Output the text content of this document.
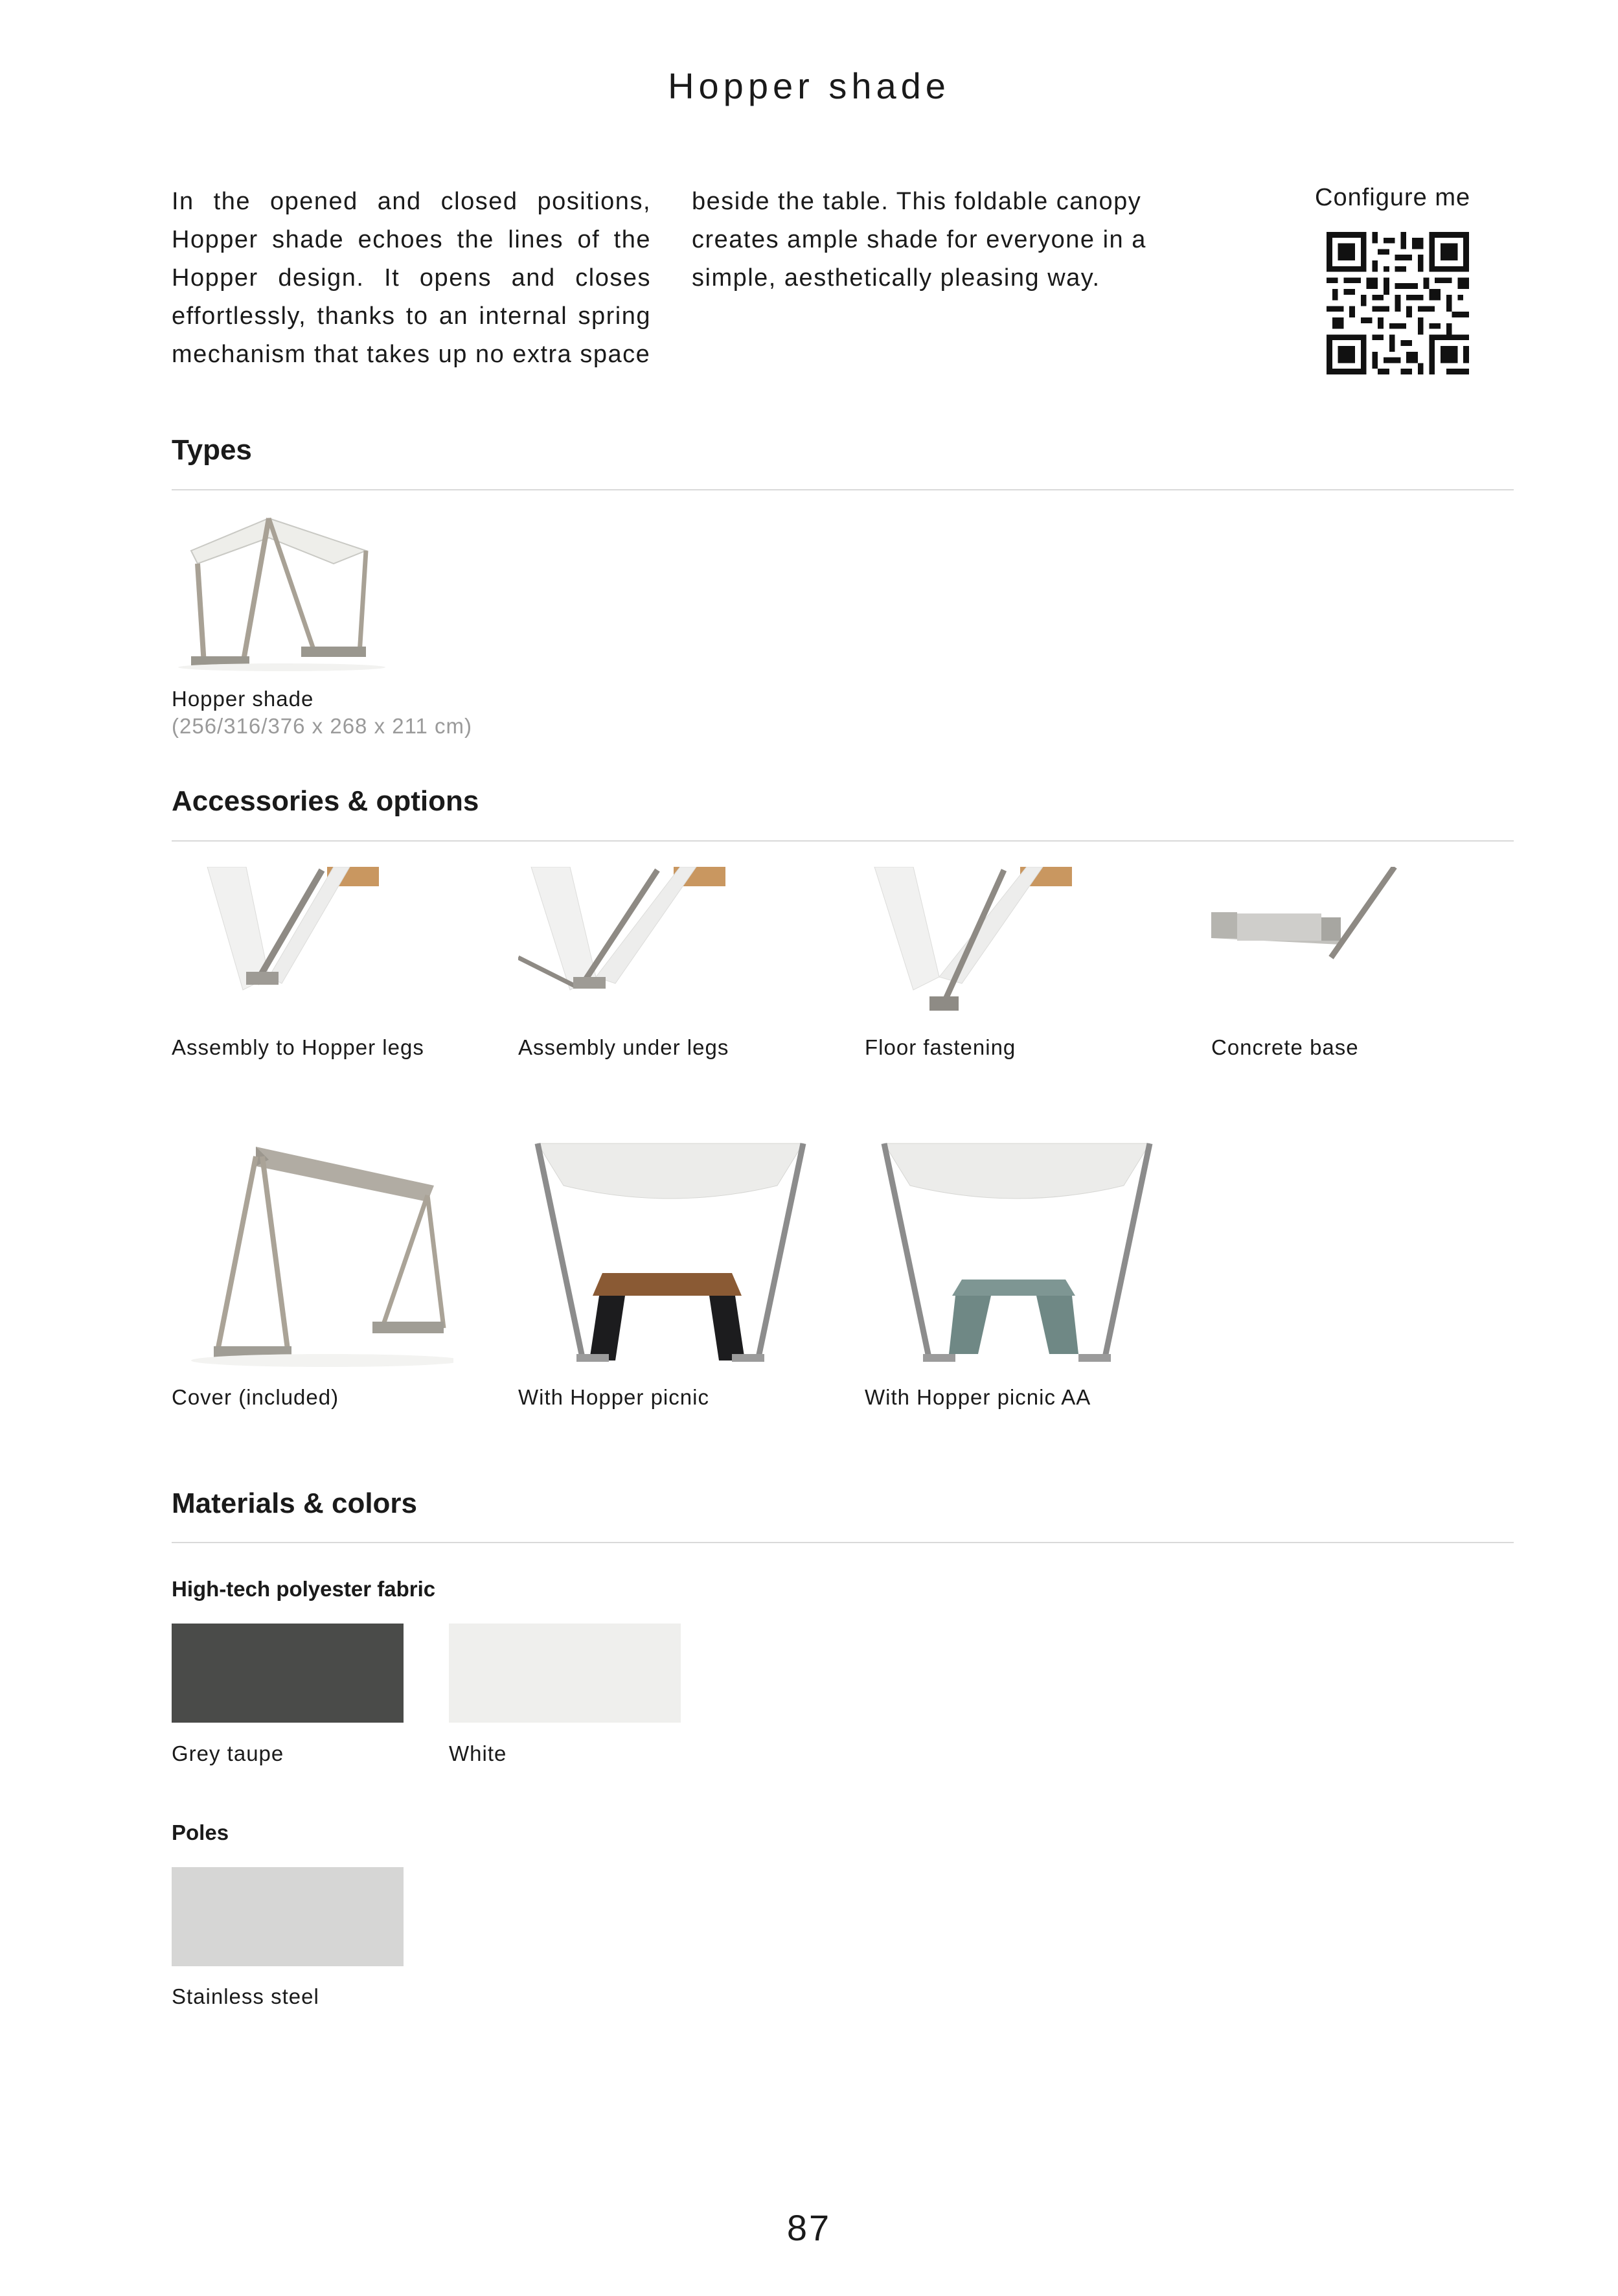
Hopper shade
In the opened and closed positions, Hopper shade echoes the lines of the Hopper design. It opens and closes effortlessly, thanks to an internal spring mechanism that takes up no extra space
beside the table. This foldable canopy creates ample shade for everyone in a simple, aesthetically pleasing way.
Configure me
Types
Hopper shade
(256/316/376 x 268 x 211 cm)
Accessories & options
Assembly to Hopper legs	Assembly under legs	Floor fastening	Concrete base
Cover (included)	With Hopper picnic	With Hopper picnic AA
Materials & colors
High-tech polyester fabric
Grey taupe	White
Poles
Stainless steel
87
